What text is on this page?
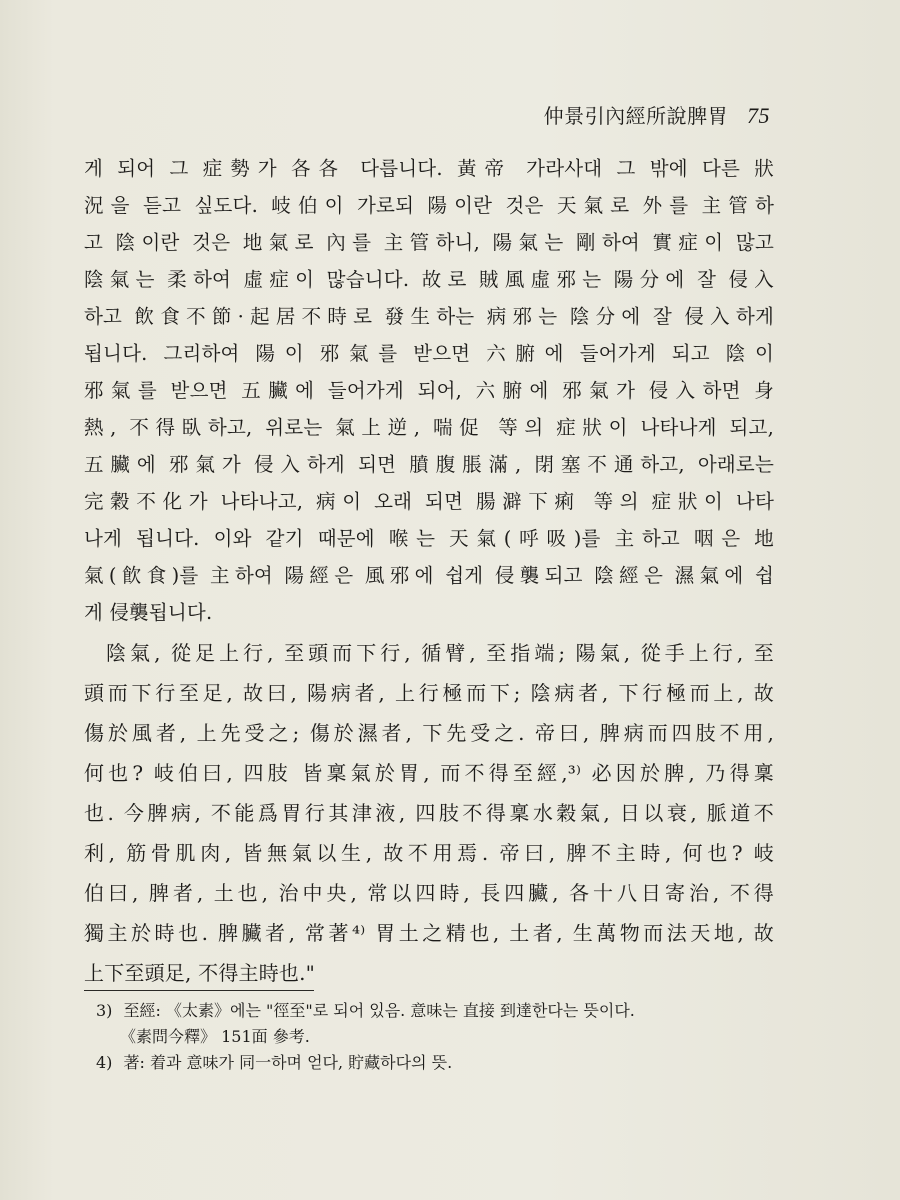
仲景引內經所說脾胃 75
게 되어 그 症勢가 各各 다릅니다. 黃帝 가라사대 그 밖에 다른 狀
況을 듣고 싶도다. 岐伯이 가로되 陽이란 것은 天氣로 外를 主管하
고 陰이란 것은 地氣로 內를 主管하니, 陽氣는 剛하여 實症이 많고
陰氣는 柔하여 虛症이 많습니다. 故로 賊風虛邪는 陽分에 잘 侵入
하고 飲食不節·起居不時로 發生하는 病邪는 陰分에 잘 侵入하게
됩니다. 그리하여 陽이 邪氣를 받으면 六腑에 들어가게 되고 陰이
邪氣를 받으면 五臟에 들어가게 되어, 六腑에 邪氣가 侵入하면 身
熱, 不得臥하고, 위로는 氣上逆, 喘促 等의 症狀이 나타나게 되고,
五臟에 邪氣가 侵入하게 되면 膹腹脹滿, 閉塞不通하고, 아래로는
完穀不化가 나타나고, 病이 오래 되면 腸澼下痢 等의 症狀이 나타
나게 됩니다. 이와 같기 때문에 喉는 天氣(呼吸)를 主하고 咽은 地
氣(飮食)를 主하여 陽經은 風邪에 쉽게 侵襲되고 陰經은 濕氣에 쉽
게 侵襲됩니다.
陰氣, 從足上行, 至頭而下行, 循臂, 至指端; 陽氣, 從手上行, 至
頭而下行至足, 故曰, 陽病者, 上行極而下; 陰病者, 下行極而上, 故
傷於風者, 上先受之; 傷於濕者, 下先受之. 帝曰, 脾病而四肢不用,
何也? 岐伯曰, 四肢 皆稟氣於胃, 而不得至經,³⁾ 必因於脾, 乃得稟
也. 今脾病, 不能爲胃行其津液, 四肢不得稟水穀氣, 日以衰, 脈道不
利, 筋骨肌肉, 皆無氣以生, 故不用焉. 帝曰, 脾不主時, 何也? 岐
伯曰, 脾者, 土也, 治中央, 常以四時, 長四臟, 各十八日寄治, 不得
獨主於時也. 脾臟者, 常著⁴⁾ 胃土之精也, 土者, 生萬物而法天地, 故
上下至頭足, 不得主時也."
3) 至經: 《太素》에는 "徑至"로 되어 있음. 意味는 直接 到達한다는 뜻이다.
《素問今釋》 151面 參考.
4) 著: 着과 意味가 同一하며 얻다, 貯藏하다의 뜻.
